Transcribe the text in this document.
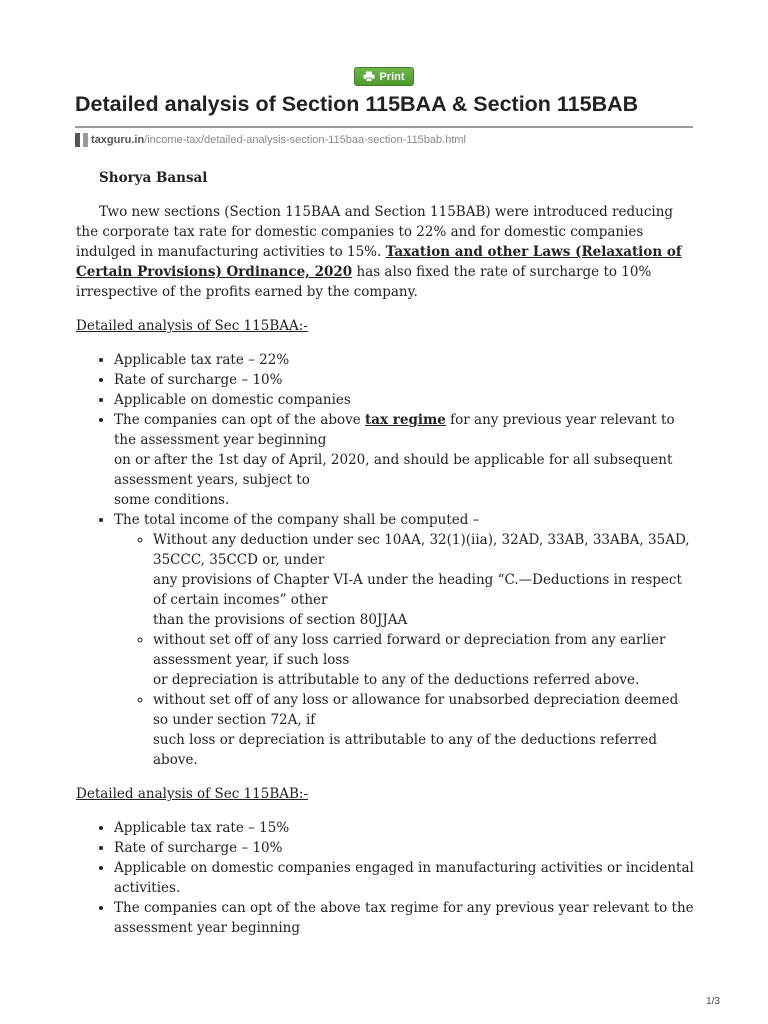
Print
Detailed analysis of Section 115BAA & Section 115BAB
taxguru.in /income-tax/detailed-analysis-section-115baa-section-115bab.html

Shorya Bansal

Two new sections (Section 115BAA and Section 115BAB) were introduced reducing the corporate tax rate for domestic companies to 22% and for domestic companies indulged in manufacturing activities to 15%. Taxation and other Laws (Relaxation of Certain Provisions) Ordinance, 2020 has also fixed the rate of surcharge to 10% irrespective of the profits earned by the company.

Detailed analysis of Sec 115BAA:-

• Applicable tax rate – 22%
• Rate of surcharge – 10%
• Applicable on domestic companies
• The companies can opt of the above tax regime for any previous year relevant to the assessment year beginning
on or after the 1st day of April, 2020, and should be applicable for all subsequent assessment years, subject to
some conditions.
• The total income of the company shall be computed –
◦ Without any deduction under sec 10AA, 32(1)(iia), 32AD, 33AB, 33ABA, 35AD, 35CCC, 35CCD or, under
any provisions of Chapter VI-A under the heading “C.—Deductions in respect of certain incomes” other
than the provisions of section 80JJAA
◦ without set off of any loss carried forward or depreciation from any earlier assessment year, if such loss
or depreciation is attributable to any of the deductions referred above.
◦ without set off of any loss or allowance for unabsorbed depreciation deemed so under section 72A, if
such loss or depreciation is attributable to any of the deductions referred above.

Detailed analysis of Sec 115BAB:-

• Applicable tax rate – 15%
• Rate of surcharge – 10%
• Applicable on domestic companies engaged in manufacturing activities or incidental activities.
• The companies can opt of the above tax regime for any previous year relevant to the assessment year beginning
1/3
